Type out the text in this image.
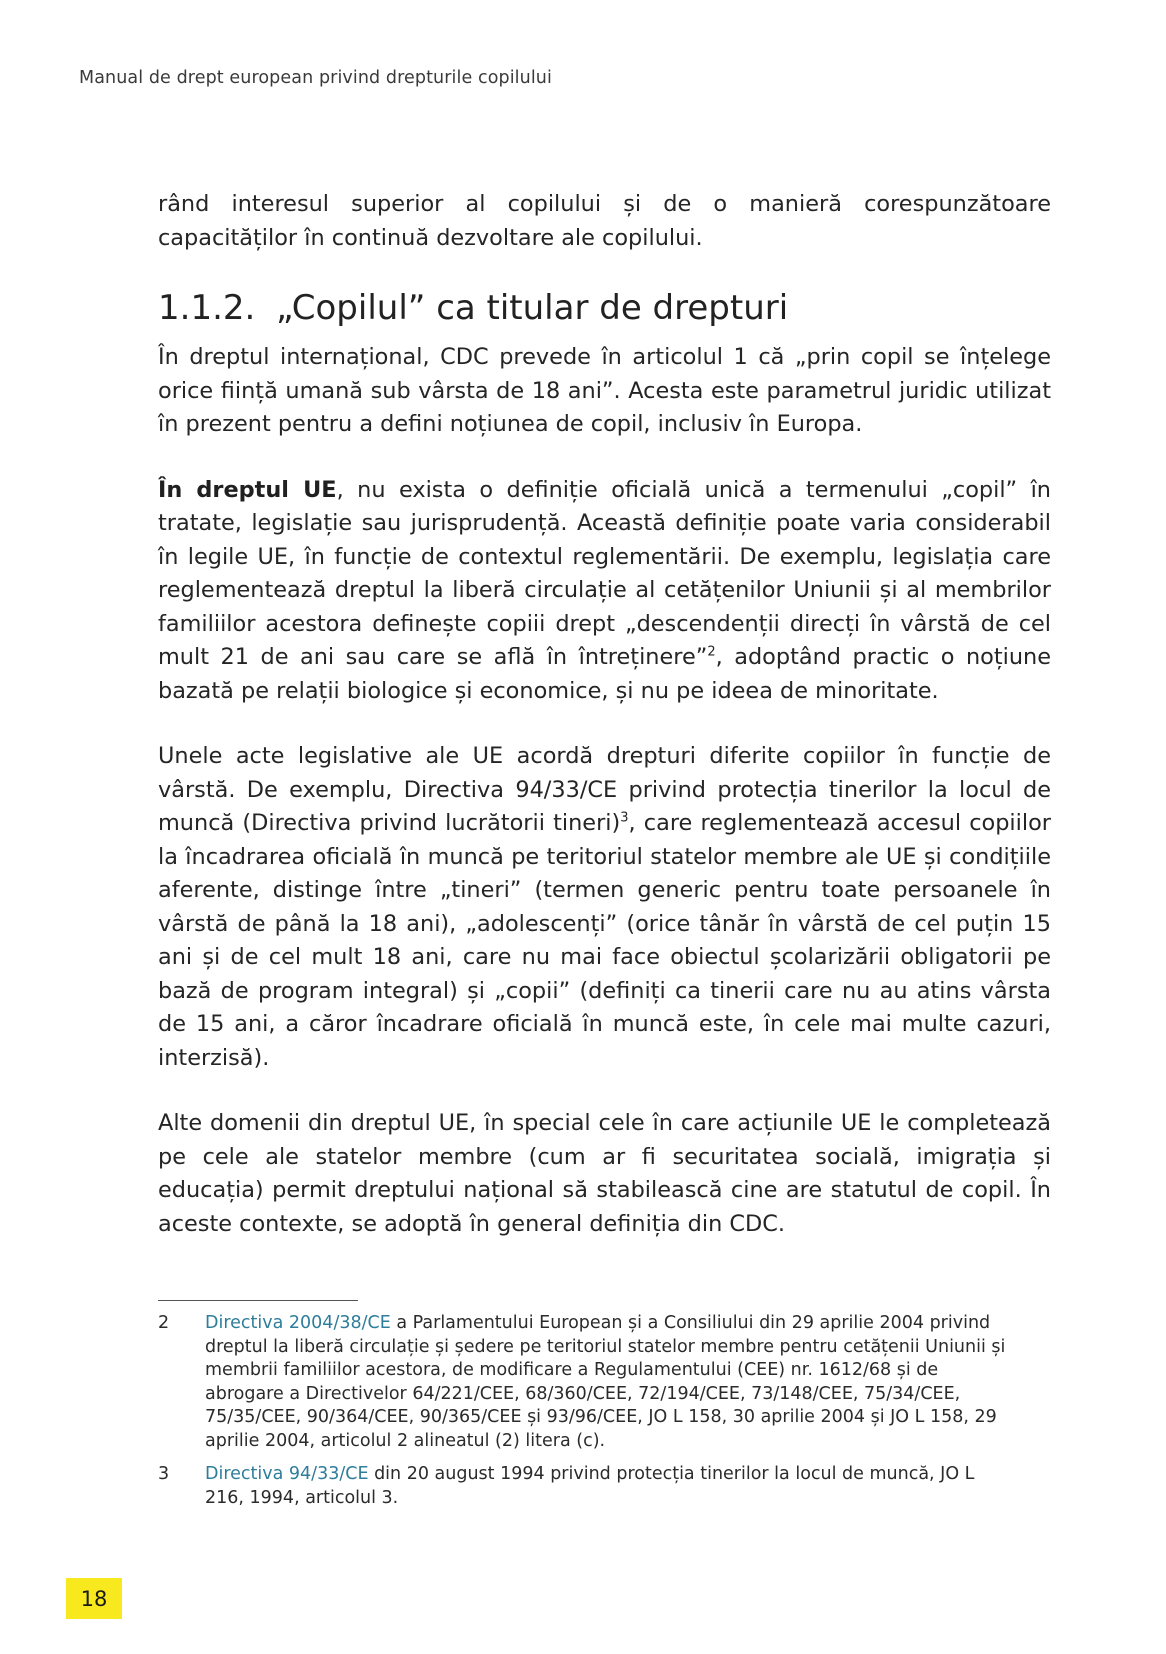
Manual de drept european privind drepturile copilului

rând interesul superior al copilului și de o manieră corespunzătoare capacităților în continuă dezvoltare ale copilului.

1.1.2. „Copilul” ca titular de drepturi

În dreptul internațional, CDC prevede în articolul 1 că „prin copil se înțelege orice ființă umană sub vârsta de 18 ani”. Acesta este parametrul juridic utilizat în prezent pentru a defini noțiunea de copil, inclusiv în Europa.

În dreptul UE, nu exista o definiție oficială unică a termenului „copil” în tratate, legislație sau jurisprudență. Această definiție poate varia considerabil în legile UE, în funcție de contextul reglementării. De exemplu, legislația care reglementează dreptul la liberă circulație al cetățenilor Uniunii și al membrilor familiilor acestora definește copiii drept „descendenții direcți în vârstă de cel mult 21 de ani sau care se află în întreținere”$^2$, adoptând practic o noțiune bazată pe relații biologice și economice, și nu pe ideea de minoritate.

Unele acte legislative ale UE acordă drepturi diferite copiilor în funcție de vârstă. De exemplu, Directiva 94/33/CE privind protecția tinerilor la locul de muncă (Directiva privind lucrătorii tineri)$^3$, care reglementează accesul copiilor la încadrarea oficială în muncă pe teritoriul statelor membre ale UE și condițiile aferente, distinge între „tineri” (termen generic pentru toate persoanele în vârstă de până la 18 ani), „adolescenți” (orice tânăr în vârstă de cel puțin 15 ani și de cel mult 18 ani, care nu mai face obiectul școlarizării obligatorii pe bază de program integral) și „copii” (definiți ca tinerii care nu au atins vârsta de 15 ani, a căror încadrare oficială în muncă este, în cele mai multe cazuri, interzisă).

Alte domenii din dreptul UE, în special cele în care acțiunile UE le completează pe cele ale statelor membre (cum ar fi securitatea socială, imigrația și educația) permit dreptului național să stabilească cine are statutul de copil. În aceste contexte, se adoptă în general definiția din CDC.

2	Directiva 2004/38/CE a Parlamentului European și a Consiliului din 29 aprilie 2004 privind dreptul la liberă circulație și ședere pe teritoriul statelor membre pentru cetățenii Uniunii și membrii familiilor acestora, de modificare a Regulamentului (CEE) nr. 1612/68 și de abrogare a Directivelor 64/221/CEE, 68/360/CEE, 72/194/CEE, 73/148/CEE, 75/34/CEE, 75/35/CEE, 90/364/CEE, 90/365/CEE și 93/96/CEE, JO L 158, 30 aprilie 2004 și JO L 158, 29 aprilie 2004, articolul 2 alineatul (2) litera (c).
3	Directiva 94/33/CE din 20 august 1994 privind protecția tinerilor la locul de muncă, JO L 216, 1994, articolul 3.
18
